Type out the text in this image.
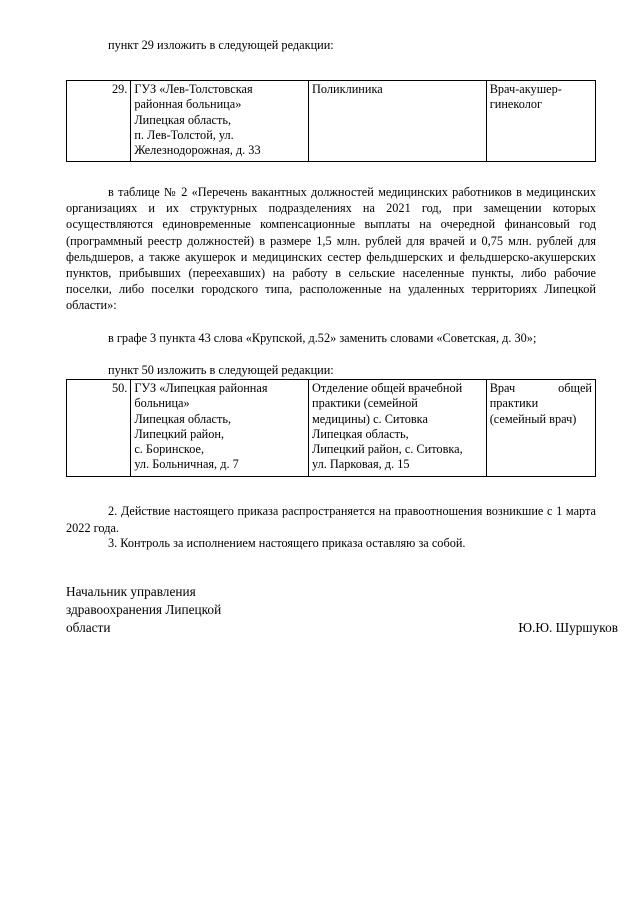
пункт 29 изложить в следующей редакции:
29.	ГУЗ «Лев-Толстовская
районная больница»
Липецкая область,
п. Лев-Толстой, ул.
Железнодорожная, д. 33

Поликлиника	Врач-акушер-
гинеколог
в таблице № 2 «Перечень вакантных должностей медицинских работников в медицинских организациях и их структурных подразделениях на 2021 год, при замещении которых осуществляются единовременные компенсационные выплаты на очередной финансовый год (программный реестр должностей) в размере 1,5 млн. рублей для врачей и 0,75 млн. рублей для фельдшеров, а также акушерок и медицинских сестер фельдшерских и фельдшерско-акушерских пунктов, прибывших (переехавших) на работу в сельские населенные пункты, либо рабочие поселки, либо поселки городского типа, расположенные на удаленных территориях Липецкой области»:
в графе 3 пункта 43 слова «Крупской, д.52» заменить словами «Советская, д. 30»;
пункт 50 изложить в следующей редакции:
50.	ГУЗ «Липецкая районная
больница»
Липецкая область,
Липецкий район,
с. Боринское,
ул. Больничная, д. 7

Отделение общей врачебной
практики (семейной
медицины) с. Ситовка
Липецкая область,
Липецкий район, с. Ситовка,
ул. Парковая, д. 15

Врач общей
практики
(семейный врач)
2. Действие настоящего приказа распространяется на правоотношения возникшие с 1 марта 2022 года.
3. Контроль за исполнением настоящего приказа оставляю за собой.
Начальник управления
здравоохранения Липецкой
области	Ю.Ю. Шуршуков
